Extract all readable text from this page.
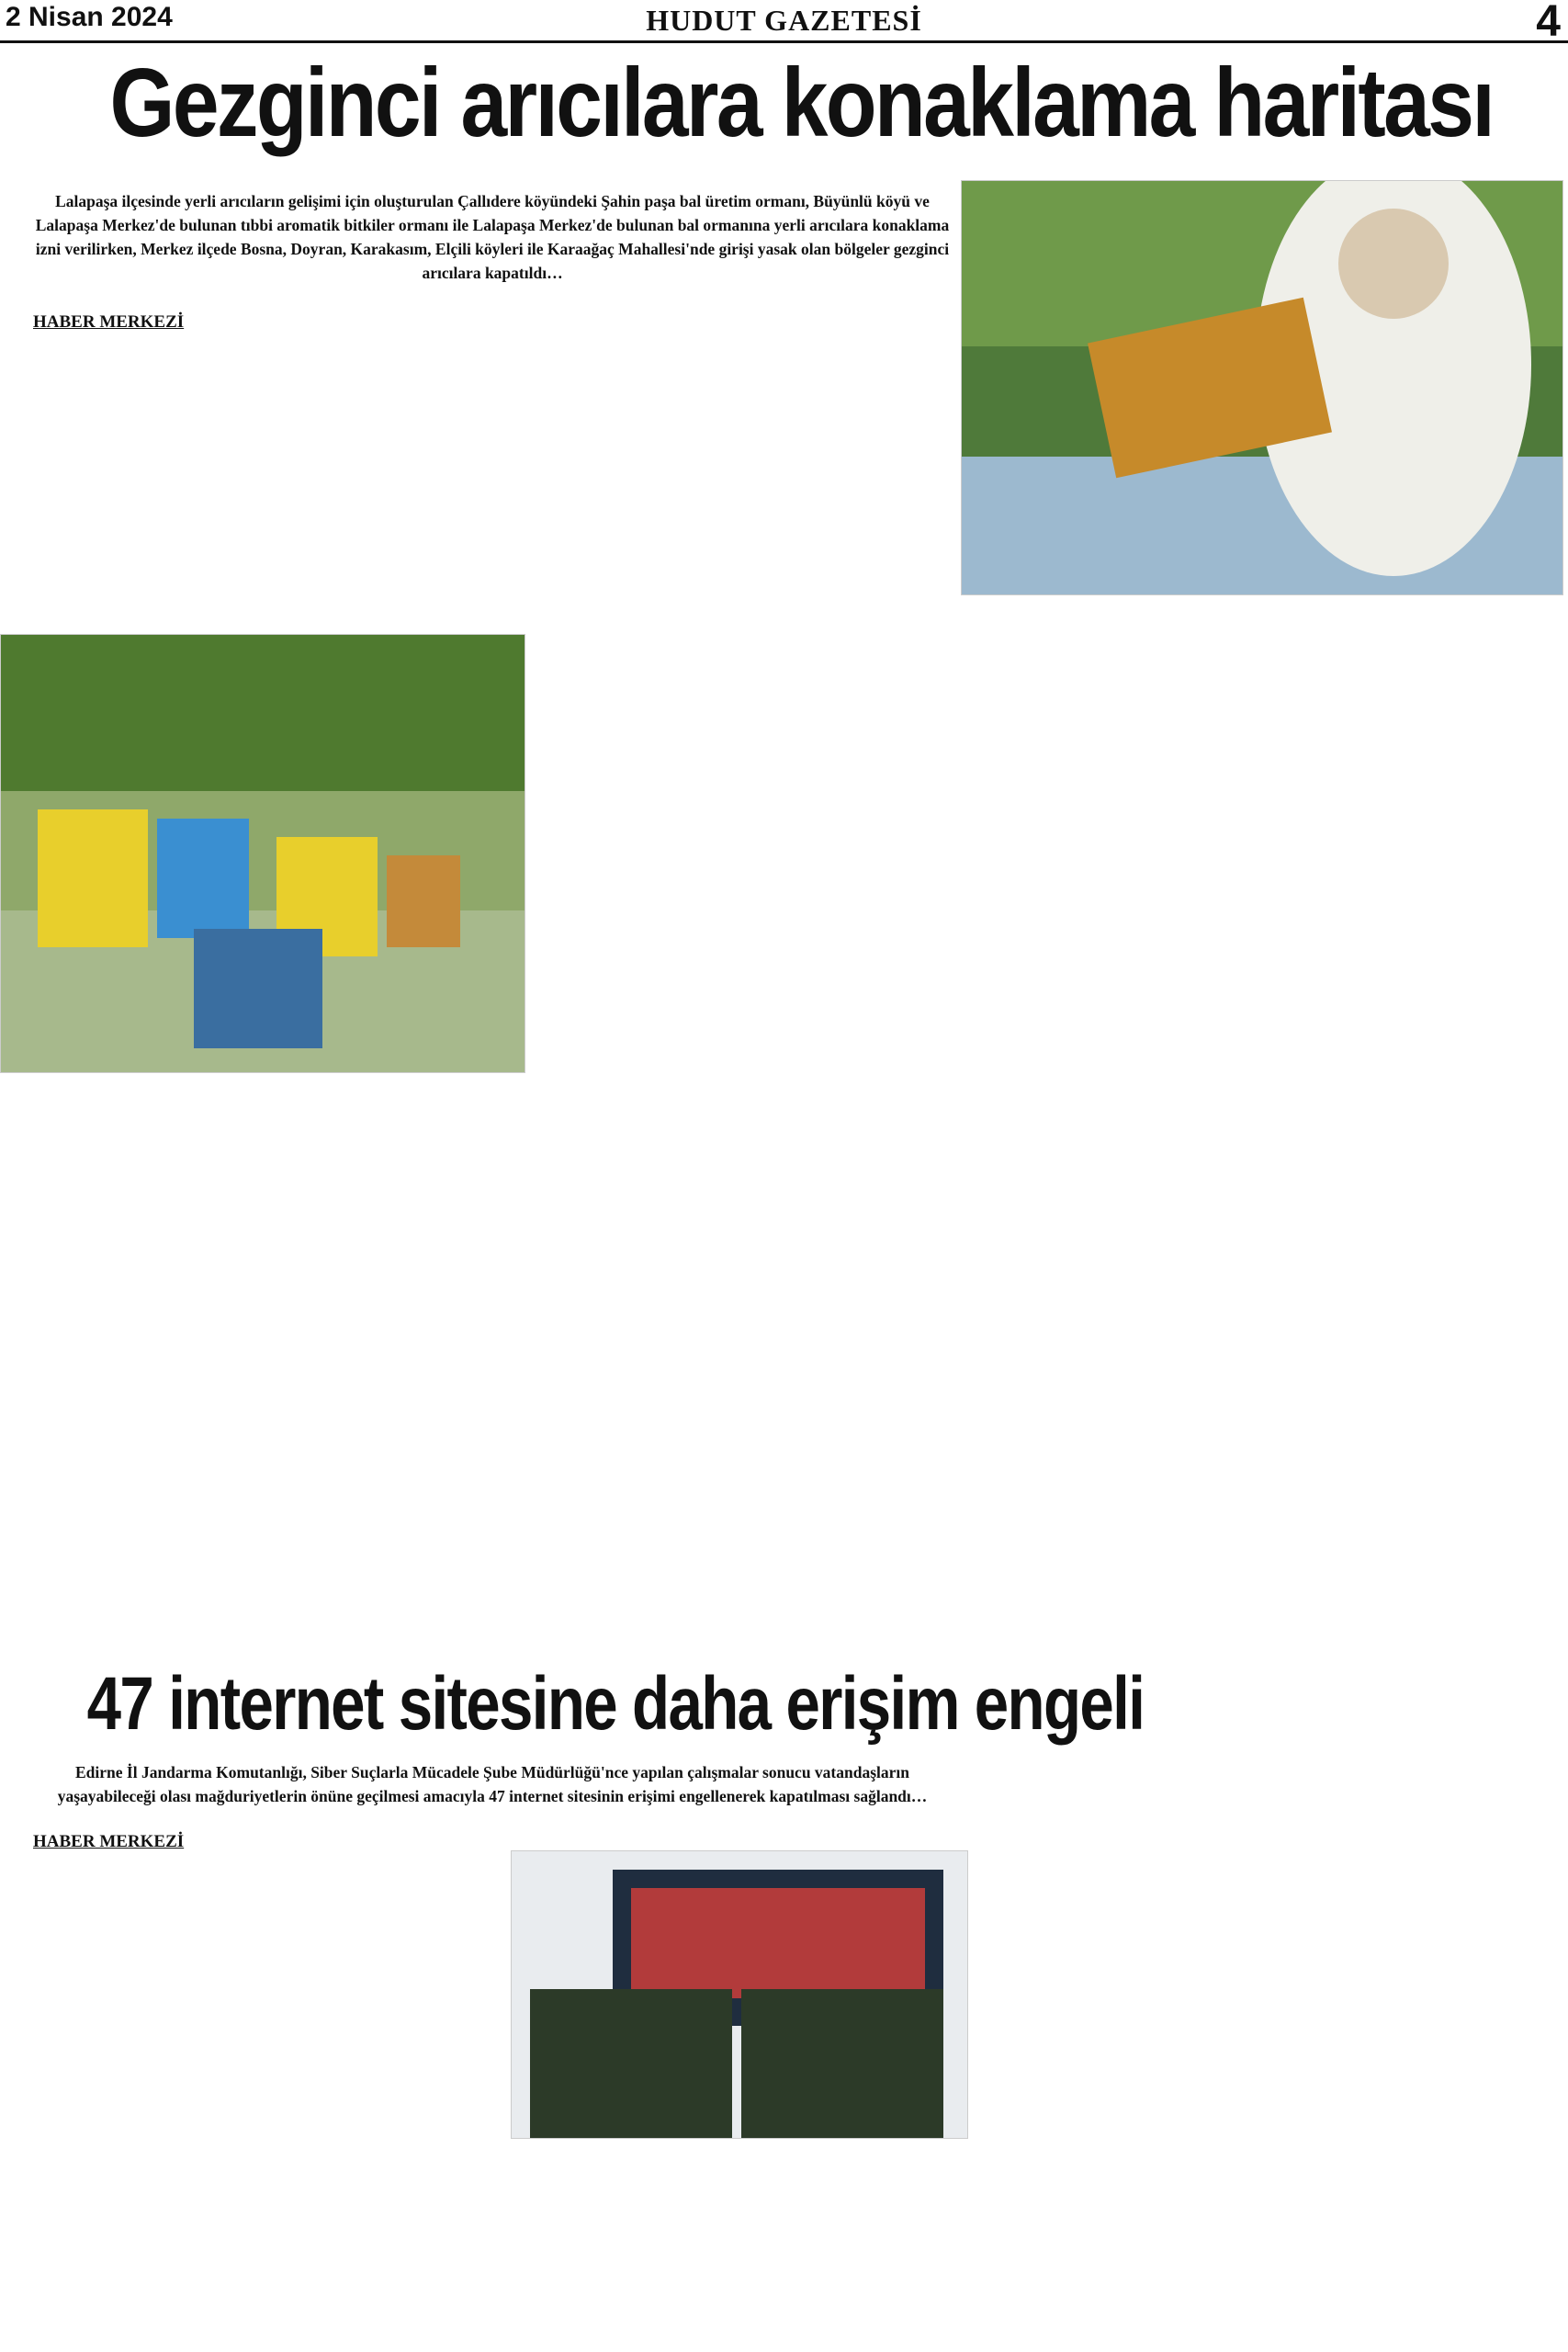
2 Nisan 2024	HUDUT GAZETESİ	4
Gezginci arıcılara konaklama haritası
Lalapaşa ilçesinde yerli arıcıların gelişimi için oluşturulan Çallıdere köyündeki Şahin paşa bal üretim ormanı, Büyünlü köyü ve Lalapaşa Merkez'de bulunan tıbbi aromatik bitkiler ormanı ile Lalapaşa Merkez'de bulunan bal ormanına yerli arıcılara konaklama izni verilirken, Merkez ilçede Bosna, Doyran, Karakasım, Elçili köyleri ile Karaağaç Mahallesi'nde girişi yasak olan bölgeler gezginci arıcılara kapatıldı…
HABER MERKEZİ

47 internet sitesine daha erişim engeli
Edirne İl Jandarma Komutanlığı, Siber Suçlarla Mücadele Şube Müdürlüğü'nce yapılan çalışmalar sonucu vatandaşların yaşayabileceği olası mağduriyetlerin önüne geçilmesi amacıyla 47 internet sitesinin erişimi engellenerek kapatılması sağlandı…
HABER MERKEZİ
